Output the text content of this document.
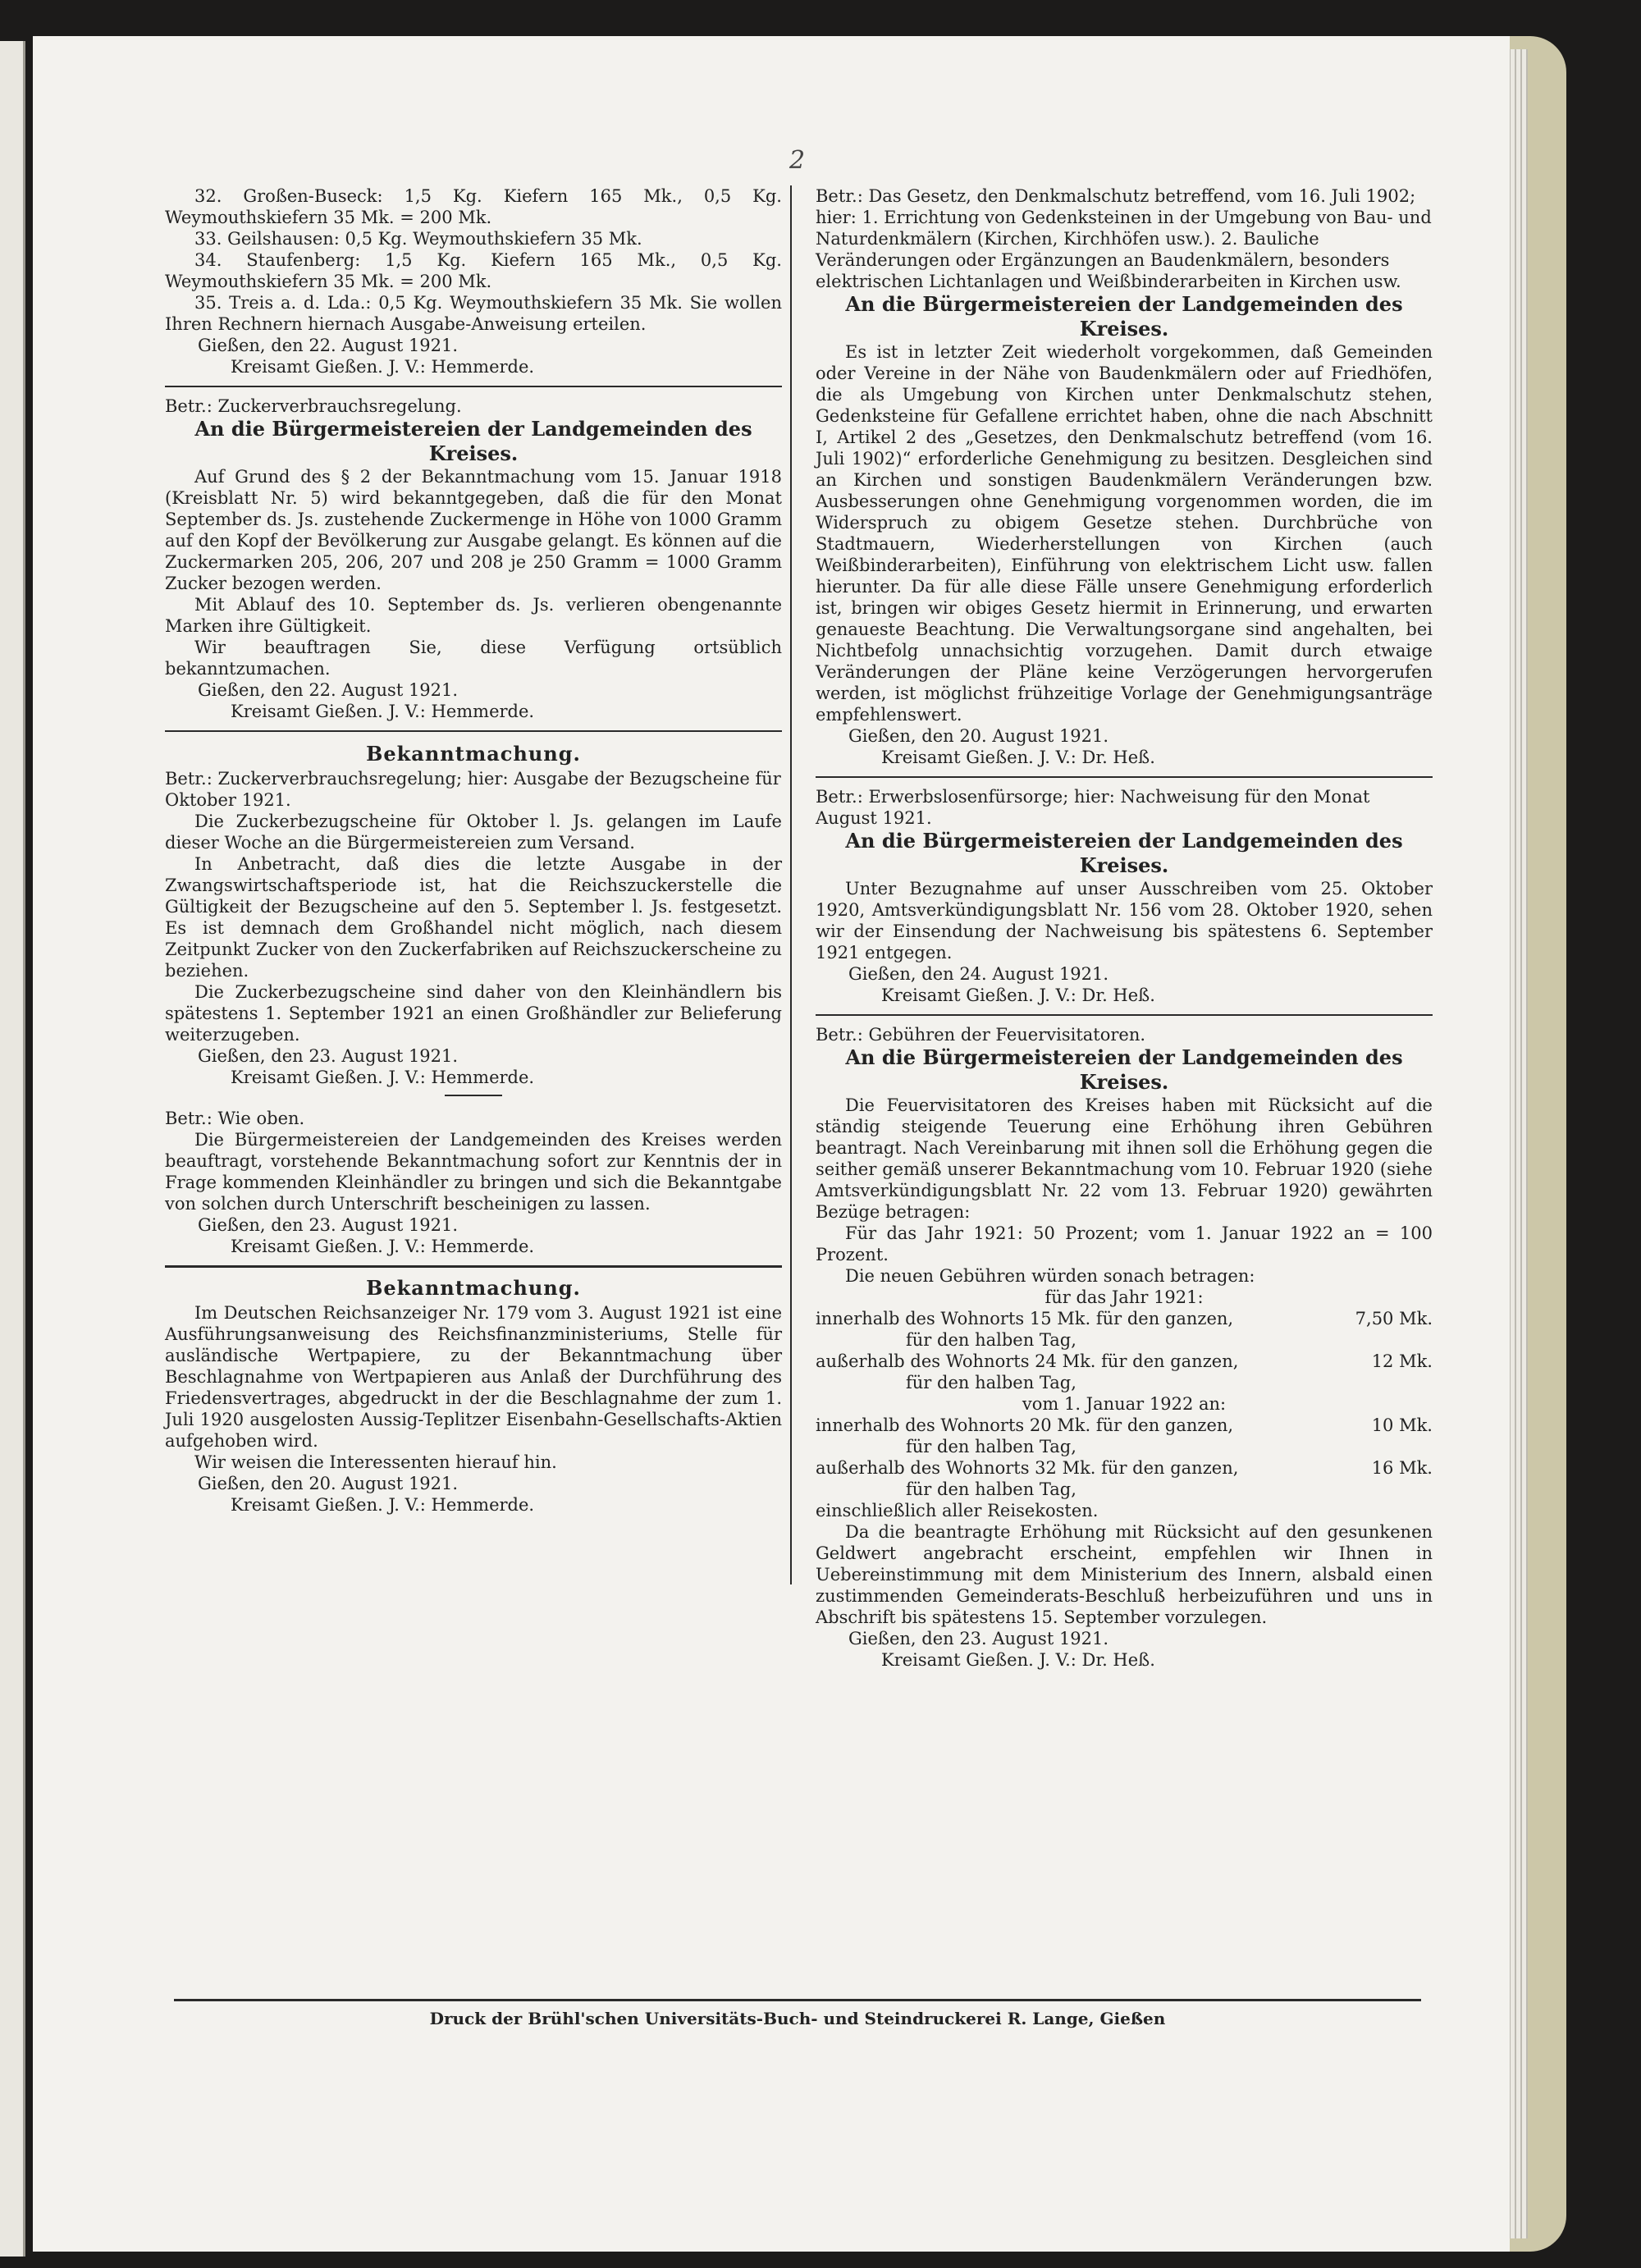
2

32. Großen-Buseck: 1,5 Kg. Kiefern 165 Mk., 0,5 Kg. Weymouthskiefern 35 Mk. = 200 Mk.

33. Geilshausen: 0,5 Kg. Weymouthskiefern 35 Mk.

34. Staufenberg: 1,5 Kg. Kiefern 165 Mk., 0,5 Kg. Weymouthskiefern 35 Mk. = 200 Mk.

35. Treis a. d. Lda.: 0,5 Kg. Weymouthskiefern 35 Mk. Sie wollen Ihren Rechnern hiernach Ausgabe-Anweisung erteilen.

Gießen, den 22. August 1921.

Kreisamt Gießen. J. V.: Hemmerde.

Betr.: Zuckerverbrauchsregelung.

An die Bürgermeistereien der Landgemeinden des Kreises.

Auf Grund des § 2 der Bekanntmachung vom 15. Januar 1918 (Kreisblatt Nr. 5) wird bekanntgegeben, daß die für den Monat September ds. Js. zustehende Zuckermenge in Höhe von 1000 Gramm auf den Kopf der Bevölkerung zur Ausgabe gelangt. Es können auf die Zuckermarken 205, 206, 207 und 208 je 250 Gramm = 1000 Gramm Zucker bezogen werden.

Mit Ablauf des 10. September ds. Js. verlieren obengenannte Marken ihre Gültigkeit.

Wir beauftragen Sie, diese Verfügung ortsüblich bekanntzumachen.

Gießen, den 22. August 1921.

Kreisamt Gießen. J. V.: Hemmerde.

Bekanntmachung.

Betr.: Zuckerverbrauchsregelung; hier: Ausgabe der Bezugscheine für Oktober 1921.

Die Zuckerbezugscheine für Oktober l. Js. gelangen im Laufe dieser Woche an die Bürgermeistereien zum Versand.

In Anbetracht, daß dies die letzte Ausgabe in der Zwangswirtschaftsperiode ist, hat die Reichszuckerstelle die Gültigkeit der Bezugscheine auf den 5. September l. Js. festgesetzt. Es ist demnach dem Großhandel nicht möglich, nach diesem Zeitpunkt Zucker von den Zuckerfabriken auf Reichszuckerscheine zu beziehen.

Die Zuckerbezugscheine sind daher von den Kleinhändlern bis spätestens 1. September 1921 an einen Großhändler zur Belieferung weiterzugeben.

Gießen, den 23. August 1921.

Kreisamt Gießen. J. V.: Hemmerde.

Betr.: Wie oben.

Die Bürgermeistereien der Landgemeinden des Kreises werden beauftragt, vorstehende Bekanntmachung sofort zur Kenntnis der in Frage kommenden Kleinhändler zu bringen und sich die Bekanntgabe von solchen durch Unterschrift bescheinigen zu lassen.

Gießen, den 23. August 1921.

Kreisamt Gießen. J. V.: Hemmerde.

Bekanntmachung.

Im Deutschen Reichsanzeiger Nr. 179 vom 3. August 1921 ist eine Ausführungsanweisung des Reichsfinanzministeriums, Stelle für ausländische Wertpapiere, zu der Bekanntmachung über Beschlagnahme von Wertpapieren aus Anlaß der Durchführung des Friedensvertrages, abgedruckt in der die Beschlagnahme der zum 1. Juli 1920 ausgelosten Aussig-Teplitzer Eisenbahn-Gesellschafts-Aktien aufgehoben wird.

Wir weisen die Interessenten hierauf hin.

Gießen, den 20. August 1921.

Kreisamt Gießen. J. V.: Hemmerde.

Betr.: Das Gesetz, den Denkmalschutz betreffend, vom 16. Juli 1902; hier: 1. Errichtung von Gedenksteinen in der Umgebung von Bau- und Naturdenkmälern (Kirchen, Kirchhöfen usw.). 2. Bauliche Veränderungen oder Ergänzungen an Baudenkmälern, besonders elektrischen Lichtanlagen und Weißbinderarbeiten in Kirchen usw.

An die Bürgermeistereien der Landgemeinden des Kreises.

Es ist in letzter Zeit wiederholt vorgekommen, daß Gemeinden oder Vereine in der Nähe von Baudenkmälern oder auf Friedhöfen, die als Umgebung von Kirchen unter Denkmalschutz stehen, Gedenksteine für Gefallene errichtet haben, ohne die nach Abschnitt I, Artikel 2 des „Gesetzes, den Denkmalschutz betreffend (vom 16. Juli 1902)“ erforderliche Genehmigung zu besitzen. Desgleichen sind an Kirchen und sonstigen Baudenkmälern Veränderungen bzw. Ausbesserungen ohne Genehmigung vorgenommen worden, die im Widerspruch zu obigem Gesetze stehen. Durchbrüche von Stadtmauern, Wiederherstellungen von Kirchen (auch Weißbinderarbeiten), Einführung von elektrischem Licht usw. fallen hierunter. Da für alle diese Fälle unsere Genehmigung erforderlich ist, bringen wir obiges Gesetz hiermit in Erinnerung, und erwarten genaueste Beachtung. Die Verwaltungsorgane sind angehalten, bei Nichtbefolg unnachsichtig vorzugehen. Damit durch etwaige Veränderungen der Pläne keine Verzögerungen hervorgerufen werden, ist möglichst frühzeitige Vorlage der Genehmigungsanträge empfehlenswert.

Gießen, den 20. August 1921.

Kreisamt Gießen. J. V.: Dr. Heß.

Betr.: Erwerbslosenfürsorge; hier: Nachweisung für den Monat August 1921.

An die Bürgermeistereien der Landgemeinden des Kreises.

Unter Bezugnahme auf unser Ausschreiben vom 25. Oktober 1920, Amtsverkündigungsblatt Nr. 156 vom 28. Oktober 1920, sehen wir der Einsendung der Nachweisung bis spätestens 6. September 1921 entgegen.

Gießen, den 24. August 1921.

Kreisamt Gießen. J. V.: Dr. Heß.

Betr.: Gebühren der Feuervisitatoren.

An die Bürgermeistereien der Landgemeinden des Kreises.

Die Feuervisitatoren des Kreises haben mit Rücksicht auf die ständig steigende Teuerung eine Erhöhung ihren Gebühren beantragt. Nach Vereinbarung mit ihnen soll die Erhöhung gegen die seither gemäß unserer Bekanntmachung vom 10. Februar 1920 (siehe Amtsverkündigungsblatt Nr. 22 vom 13. Februar 1920) gewährten Bezüge betragen:

Für das Jahr 1921: 50 Prozent; vom 1. Januar 1922 an = 100 Prozent.

Die neuen Gebühren würden sonach betragen:

für das Jahr 1921:

innerhalb des Wohnorts 15 Mk. für den ganzen,	7,50 Mk.

für den halben Tag,

außerhalb des Wohnorts 24 Mk. für den ganzen,	12 Mk.

für den halben Tag,

vom 1. Januar 1922 an:

innerhalb des Wohnorts 20 Mk. für den ganzen,	10 Mk.

für den halben Tag,

außerhalb des Wohnorts 32 Mk. für den ganzen,	16 Mk.

für den halben Tag,

einschließlich aller Reisekosten.

Da die beantragte Erhöhung mit Rücksicht auf den gesunkenen Geldwert angebracht erscheint, empfehlen wir Ihnen in Uebereinstimmung mit dem Ministerium des Innern, alsbald einen zustimmenden Gemeinderats-Beschluß herbeizuführen und uns in Abschrift bis spätestens 15. September vorzulegen.

Gießen, den 23. August 1921.

Kreisamt Gießen. J. V.: Dr. Heß.

Druck der Brühl'schen Universitäts-Buch- und Steindruckerei R. Lange, Gießen
